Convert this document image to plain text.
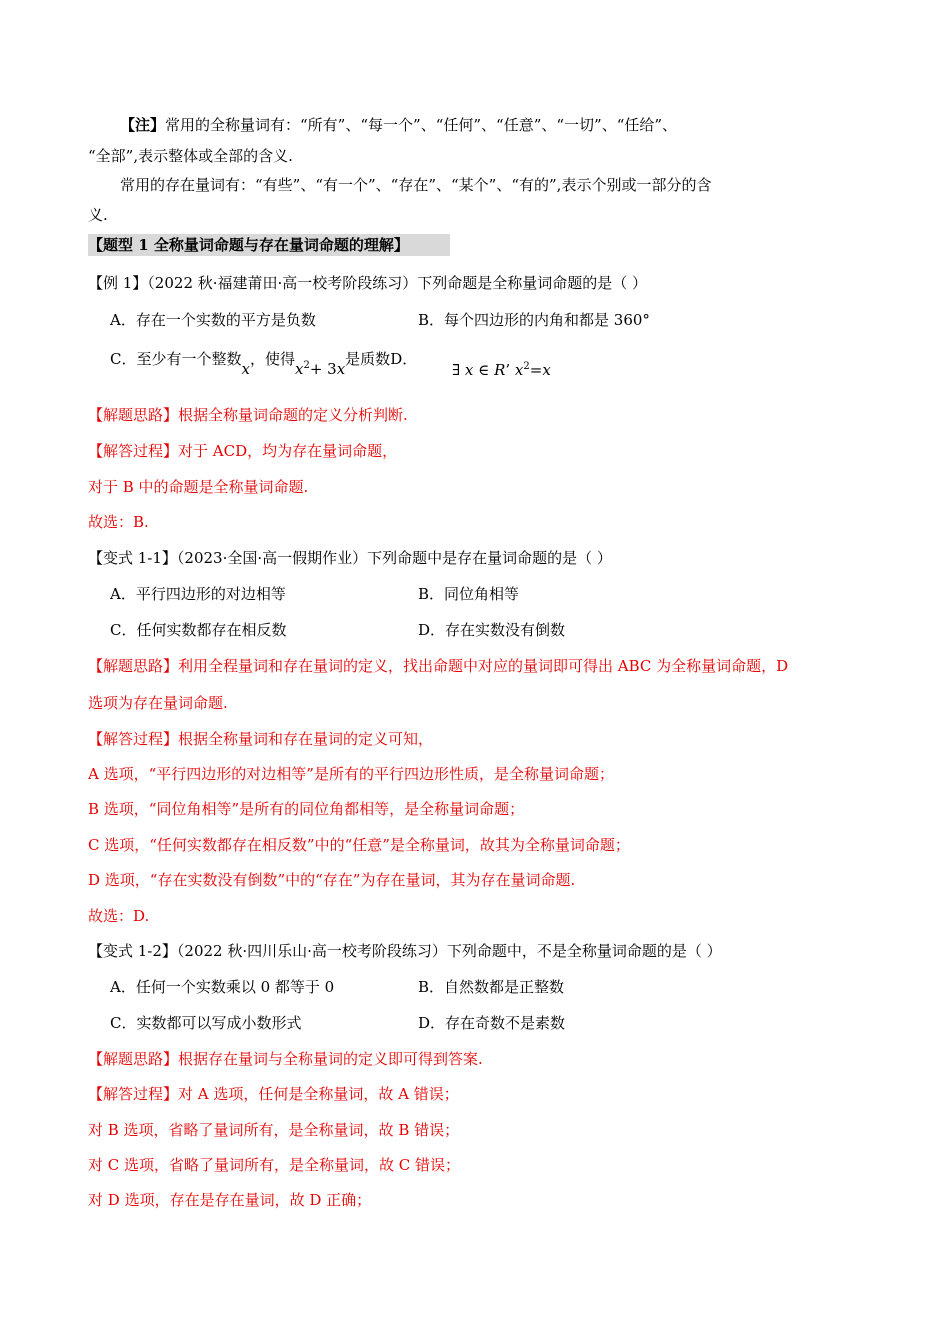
【注】常用的全称量词有：“所有”、“每一个”、“任何”、“任意”、“一切”、“任给”、
“全部”,表示整体或全部的含义.
常用的存在量词有：“有些”、“有一个”、“存在”、“某个”、“有的”,表示个别或一部分的含
义.
【题型 1 全称量词命题与存在量词命题的理解】
【例 1】（2022 秋·福建莆田·高一校考阶段练习）下列命题是全称量词命题的是（ ）
A．存在一个实数的平方是负数	B．每个四边形的内角和都是 360°
C．至少有一个整数x，使得$x^2+ 3x$是质数D．
∃ x ∈ R’ $x^2=x$
【解题思路】根据全称量词命题的定义分析判断.
【解答过程】对于 ACD，均为存在量词命题，
对于 B 中的命题是全称量词命题.
故选：B.
【变式 1-1】（2023·全国·高一假期作业）下列命题中是存在量词命题的是（ ）
A．平行四边形的对边相等	B．同位角相等
C．任何实数都存在相反数	D．存在实数没有倒数
【解题思路】利用全程量词和存在量词的定义，找出命题中对应的量词即可得出 ABC 为全称量词命题，D
选项为存在量词命题.
【解答过程】根据全称量词和存在量词的定义可知，
A 选项，“平行四边形的对边相等”是所有的平行四边形性质，是全称量词命题；
B 选项，“同位角相等”是所有的同位角都相等，是全称量词命题；
C 选项，“任何实数都存在相反数”中的“任意”是全称量词，故其为全称量词命题；
D 选项，“存在实数没有倒数”中的“存在”为存在量词，其为存在量词命题.
故选：D.
【变式 1-2】（2022 秋·四川乐山·高一校考阶段练习）下列命题中，不是全称量词命题的是（ ）
A．任何一个实数乘以 0 都等于 0	B．自然数都是正整数
C．实数都可以写成小数形式	D．存在奇数不是素数
【解题思路】根据存在量词与全称量词的定义即可得到答案.
【解答过程】对 A 选项，任何是全称量词，故 A 错误；
对 B 选项，省略了量词所有，是全称量词，故 B 错误；
对 C 选项，省略了量词所有，是全称量词，故 C 错误；
对 D 选项，存在是存在量词，故 D 正确；
